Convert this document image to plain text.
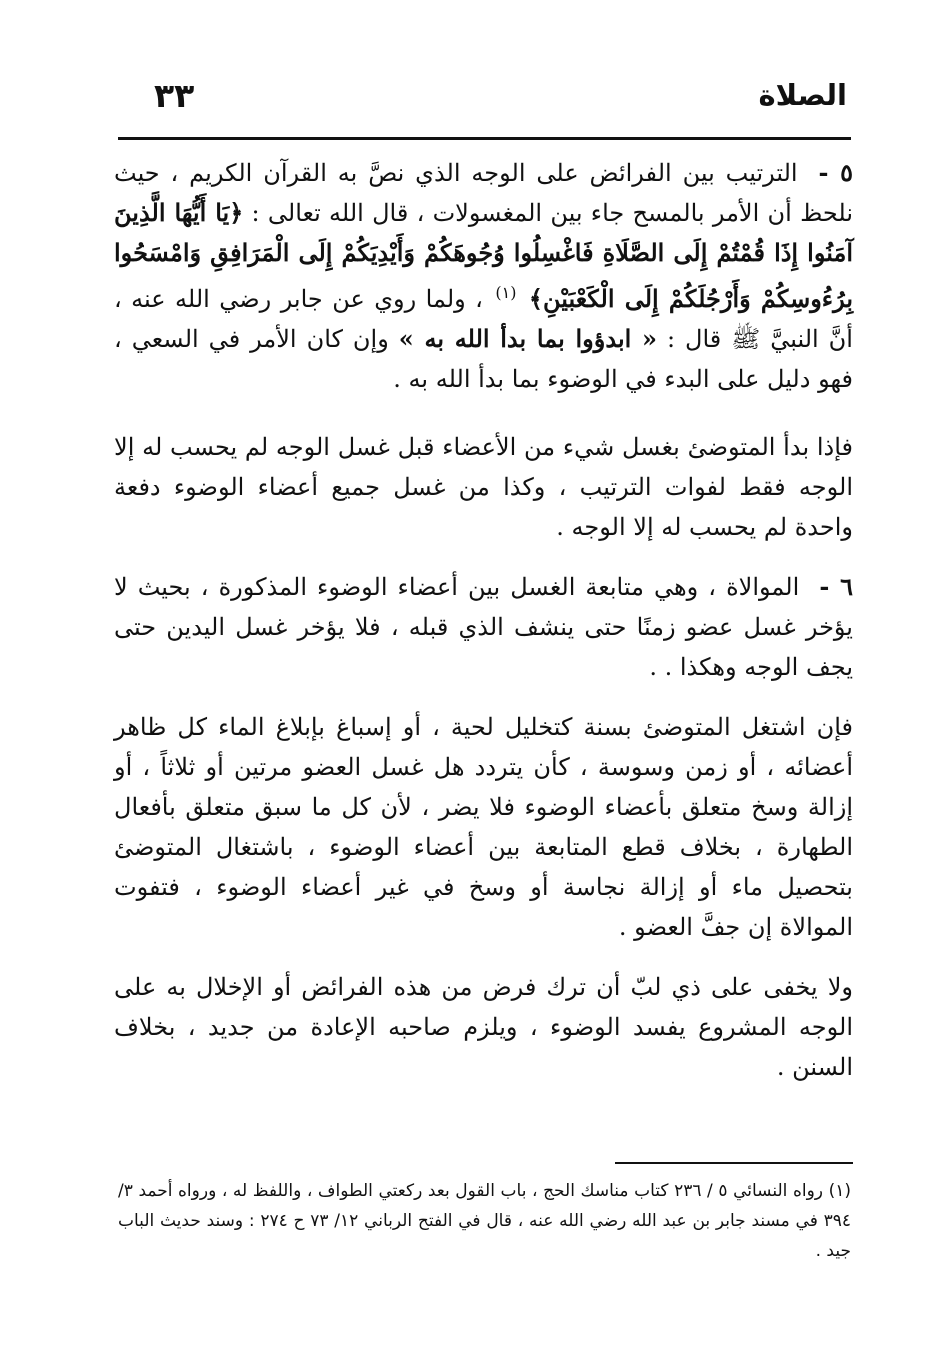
الصلاة
٣٣

٥ - الترتيب بين الفرائض على الوجه الذي نصَّ به القرآن الكريم ، حيث نلحظ أن الأمر بالمسح جاء بين المغسولات ، قال الله تعالى : ﴿يَا أَيُّهَا الَّذِينَ آمَنُوا إِذَا قُمْتُمْ إِلَى الصَّلَاةِ فَاغْسِلُوا وُجُوهَكُمْ وَأَيْدِيَكُمْ إِلَى الْمَرَافِقِ وَامْسَحُوا بِرُءُوسِكُمْ وَأَرْجُلَكُمْ إِلَى الْكَعْبَيْنِ﴾ $^{(١)}$ ، ولما روي عن جابر رضي الله عنه ، أنَّ النبيَّ ﷺ قال : « ابدؤوا بما بدأ الله به » وإن كان الأمر في السعي ، فهو دليل على البدء في الوضوء بما بدأ الله به .

فإذا بدأ المتوضئ بغسل شيء من الأعضاء قبل غسل الوجه لم يحسب له إلا الوجه فقط لفوات الترتيب ، وكذا من غسل جميع أعضاء الوضوء دفعة واحدة لم يحسب له إلا الوجه .

٦ - الموالاة ، وهي متابعة الغسل بين أعضاء الوضوء المذكورة ، بحيث لا يؤخر غسل عضو زمنًا حتى ينشف الذي قبله ، فلا يؤخر غسل اليدين حتى يجف الوجه وهكذا . .

فإن اشتغل المتوضئ بسنة كتخليل لحية ، أو إسباغ بإبلاغ الماء كل ظاهر أعضائه ، أو زمن وسوسة ، كأن يتردد هل غسل العضو مرتين أو ثلاثاً ، أو إزالة وسخ متعلق بأعضاء الوضوء فلا يضر ، لأن كل ما سبق متعلق بأفعال الطهارة ، بخلاف قطع المتابعة بين أعضاء الوضوء ، باشتغال المتوضئ بتحصيل ماء أو إزالة نجاسة أو وسخ في غير أعضاء الوضوء ، فتفوت الموالاة إن جفَّ العضو .

ولا يخفى على ذي لبّ أن ترك فرض من هذه الفرائض أو الإخلال به على الوجه المشروع يفسد الوضوء ، ويلزم صاحبه الإعادة من جديد ، بخلاف السنن .

(١) رواه النسائي ٥ / ٢٣٦ كتاب مناسك الحج ، باب القول بعد ركعتي الطواف ، واللفظ له ، ورواه أحمد ٣/ ٣٩٤ في مسند جابر بن عبد الله رضي الله عنه ، قال في الفتح الرباني ١٢/ ٧٣ ح ٢٧٤ : وسند حديث الباب جيد .
